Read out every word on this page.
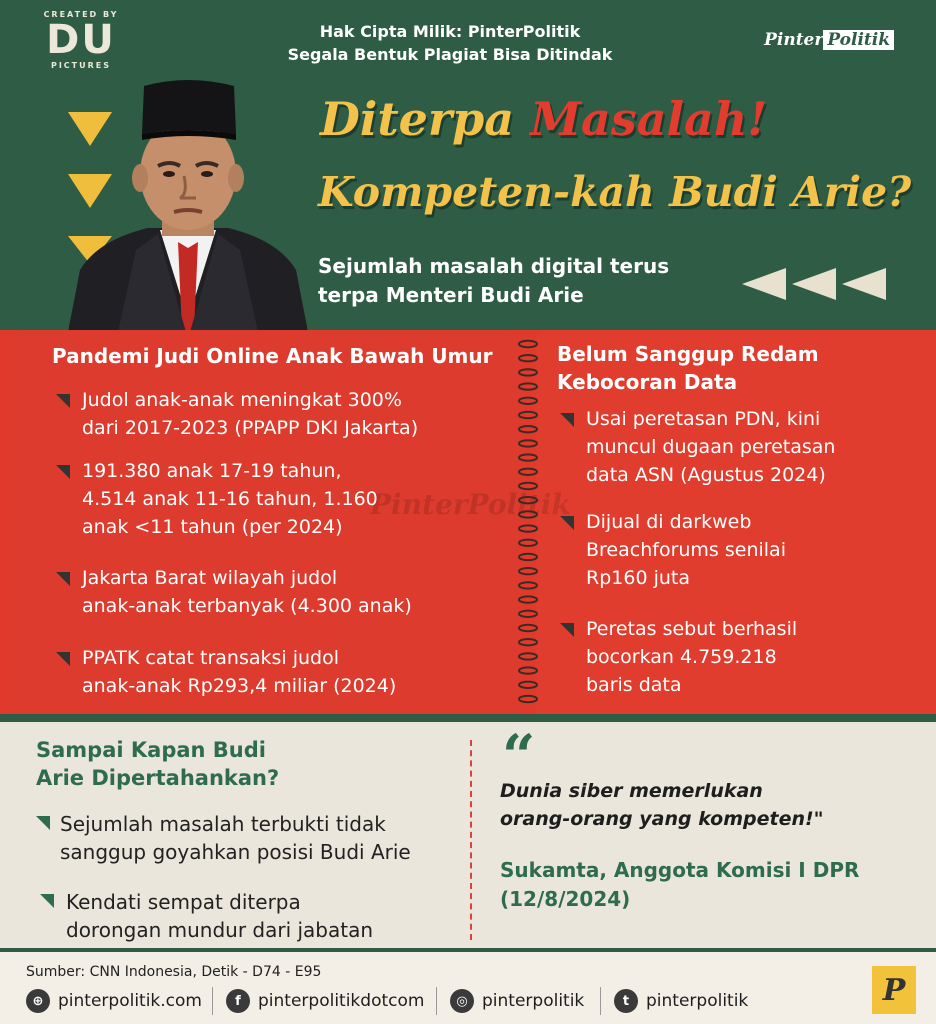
CREATED BY
DU
PICTURES
Hak Cipta Milik: PinterPolitik
Segala Bentuk Plagiat Bisa Ditindak
Pinter Politik
Diterpa Masalah!
Kompeten-kah Budi Arie?
Sejumlah masalah digital terus
terpa Menteri Budi Arie
PinterPolitik
Pandemi Judi Online Anak Bawah Umur
Judol anak-anak meningkat 300%
dari 2017-2023 (PPAPP DKI Jakarta)
191.380 anak 17-19 tahun,
4.514 anak 11-16 tahun, 1.160
anak <11 tahun (per 2024)
Jakarta Barat wilayah judol
anak-anak terbanyak (4.300 anak)
PPATK catat transaksi judol
anak-anak Rp293,4 miliar (2024)
Belum Sanggup Redam
Kebocoran Data
Usai peretasan PDN, kini
muncul dugaan peretasan
data ASN (Agustus 2024)
Dijual di darkweb
Breachforums senilai
Rp160 juta
Peretas sebut berhasil
bocorkan 4.759.218
baris data
Sampai Kapan Budi
Arie Dipertahankan?
Sejumlah masalah terbukti tidak
sanggup goyahkan posisi Budi Arie
Kendati sempat diterpa
dorongan mundur dari jabatan
“
Dunia siber memerlukan
orang-orang yang kompeten!"
Sukamta, Anggota Komisi I DPR
(12/8/2024)
Sumber: CNN Indonesia, Detik - D74 - E95
⊕ pinterpolitik.com	f	pinterpolitikdotcom	◎ pinterpolitik	t pinterpolitik	P
